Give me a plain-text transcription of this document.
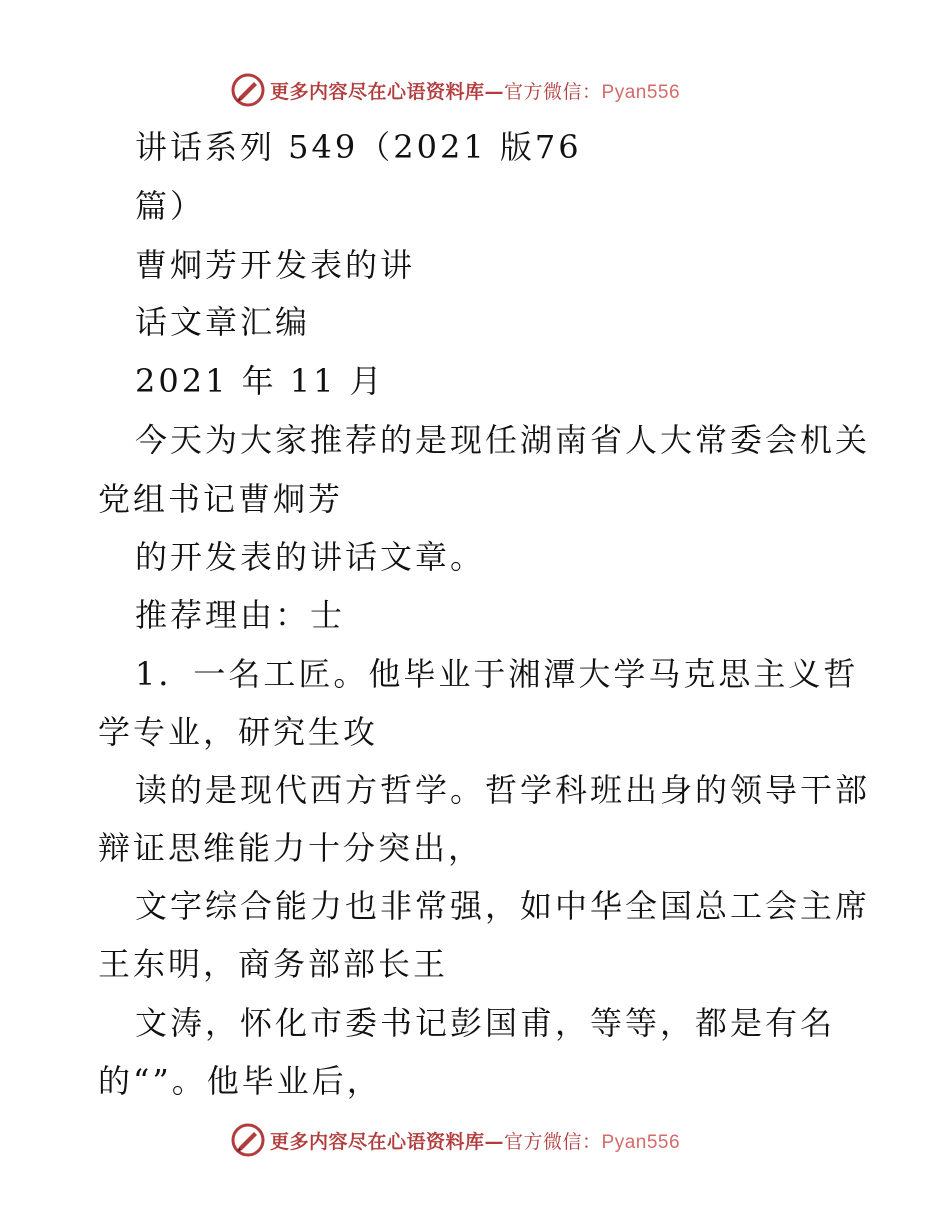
更多内容尽在心语资料库—官方微信：Pyan556
讲话系列 549（2021 版76
篇）
曹炯芳开发表的讲
话文章汇编
2021 年 11 月
今天为大家推荐的是现任湖南省人大常委会机关
党组书记曹炯芳
的开发表的讲话文章。
推荐理由：士
1．一名工匠。他毕业于湘潭大学马克思主义哲
学专业，研究生攻
读的是现代西方哲学。哲学科班出身的领导干部
辩证思维能力十分突出，
文字综合能力也非常强，如中华全国总工会主席
王东明，商务部部长王
文涛，怀化市委书记彭国甫，等等，都是有名
的“”。他毕业后，
更多内容尽在心语资料库—官方微信：Pyan556
